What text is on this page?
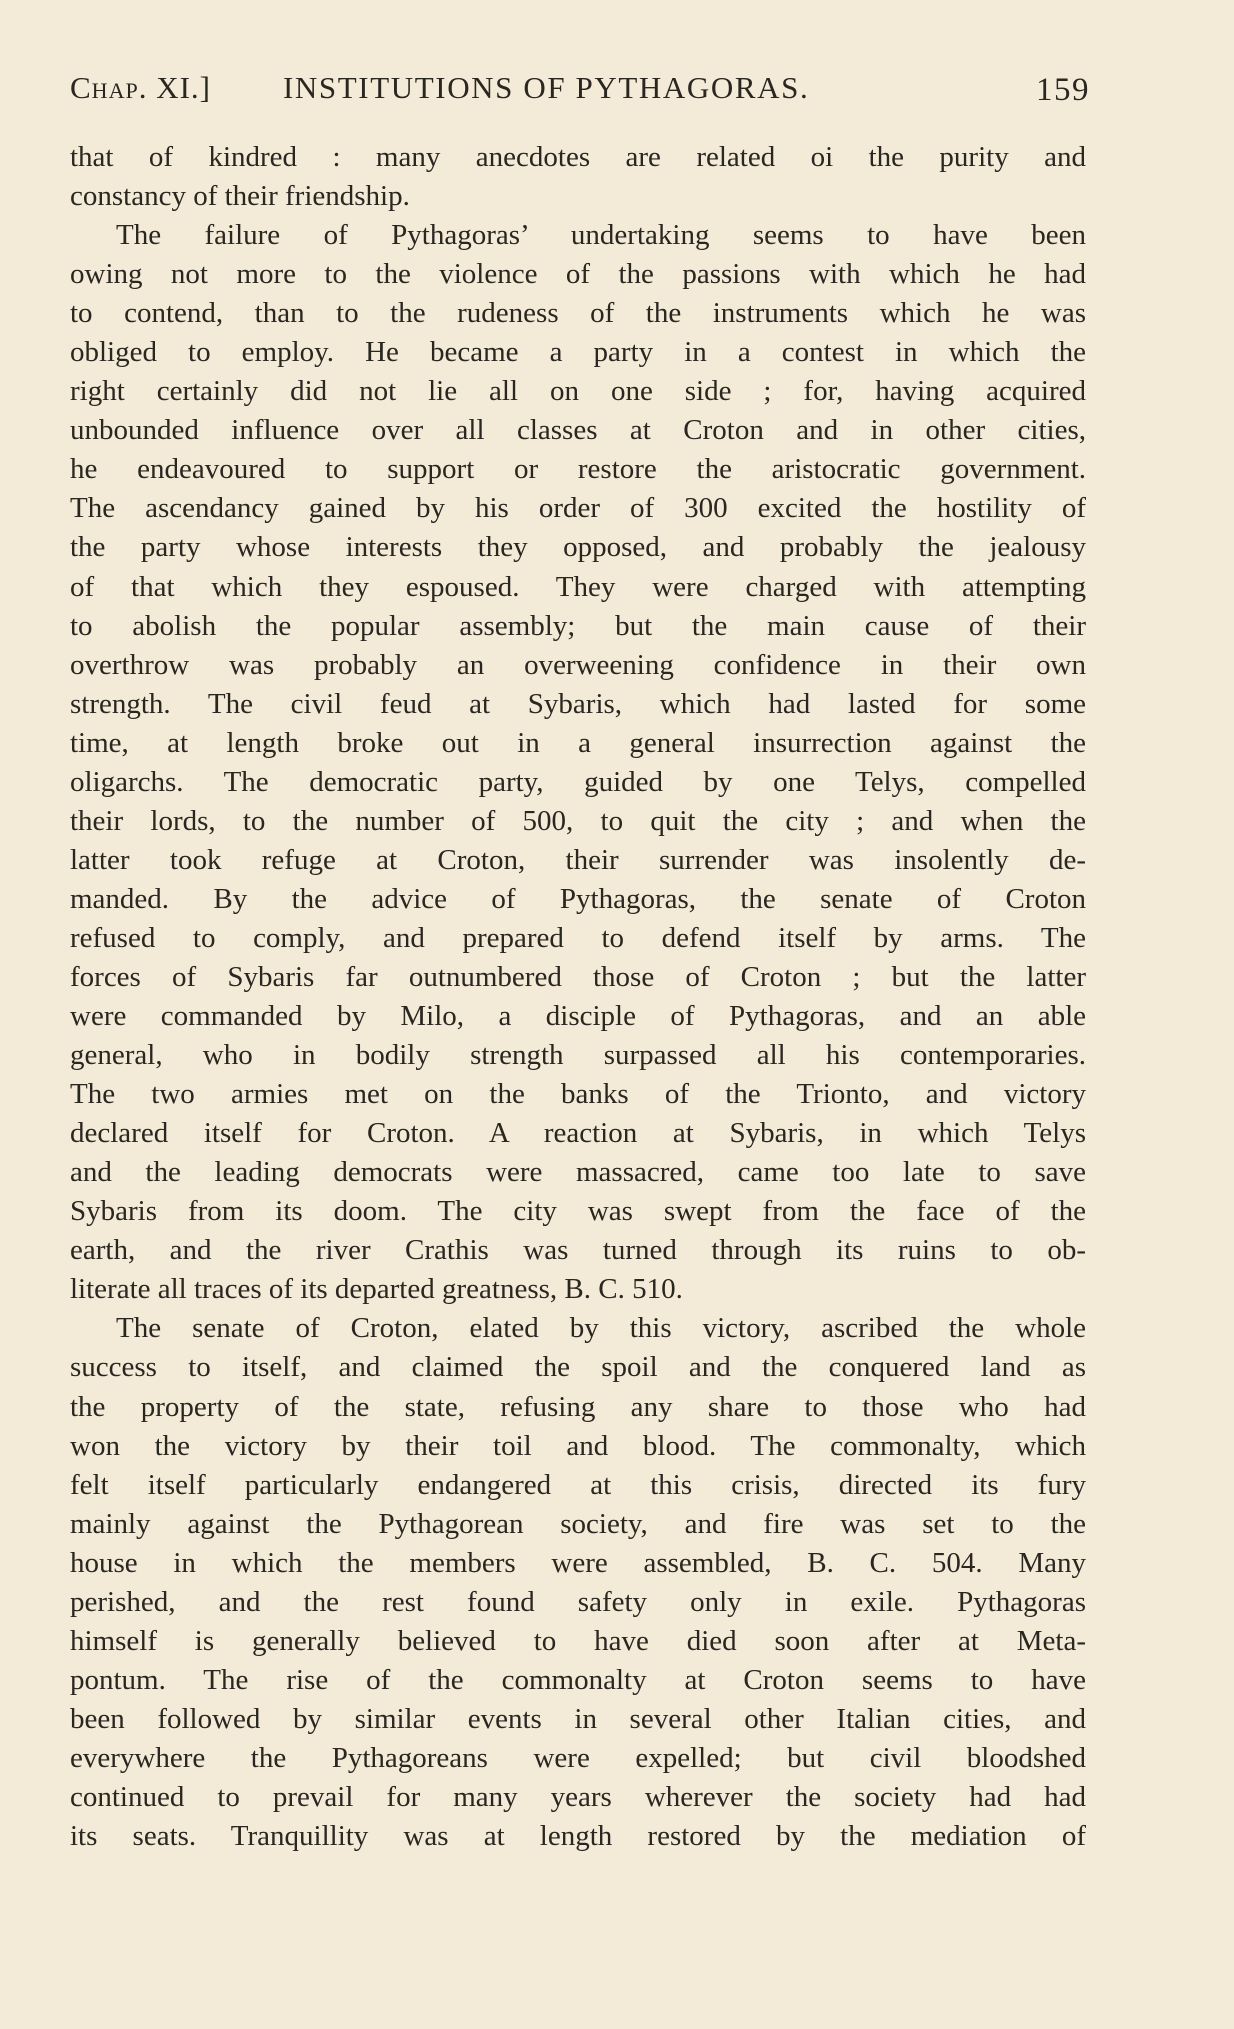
Chap. XI.] INSTITUTIONS OF PYTHAGORAS.	159
that of kindred : many anecdotes are related oi the purity and
constancy of their friendship.
The failure of Pythagoras’ undertaking seems to have been
owing not more to the violence of the passions with which he had
to contend, than to the rudeness of the instruments which he was
obliged to employ. He became a party in a contest in which the
right certainly did not lie all on one side ; for, having acquired
unbounded influence over all classes at Croton and in other cities,
he endeavoured to support or restore the aristocratic government.
The ascendancy gained by his order of 300 excited the hostility of
the party whose interests they opposed, and probably the jealousy
of that which they espoused. They were charged with attempting
to abolish the popular assembly; but the main cause of their
overthrow was probably an overweening confidence in their own
strength. The civil feud at Sybaris, which had lasted for some
time, at length broke out in a general insurrection against the
oligarchs. The democratic party, guided by one Telys, compelled
their lords, to the number of 500, to quit the city ; and when the
latter took refuge at Croton, their surrender was insolently de-
manded. By the advice of Pythagoras, the senate of Croton
refused to comply, and prepared to defend itself by arms. The
forces of Sybaris far outnumbered those of Croton ; but the latter
were commanded by Milo, a disciple of Pythagoras, and an able
general, who in bodily strength surpassed all his contemporaries.
The two armies met on the banks of the Trionto, and victory
declared itself for Croton. A reaction at Sybaris, in which Telys
and the leading democrats were massacred, came too late to save
Sybaris from its doom. The city was swept from the face of the
earth, and the river Crathis was turned through its ruins to ob-
literate all traces of its departed greatness, B. C. 510.
The senate of Croton, elated by this victory, ascribed the whole
success to itself, and claimed the spoil and the conquered land as
the property of the state, refusing any share to those who had
won the victory by their toil and blood. The commonalty, which
felt itself particularly endangered at this crisis, directed its fury
mainly against the Pythagorean society, and fire was set to the
house in which the members were assembled, B. C. 504. Many
perished, and the rest found safety only in exile. Pythagoras
himself is generally believed to have died soon after at Meta-
pontum. The rise of the commonalty at Croton seems to have
been followed by similar events in several other Italian cities, and
everywhere the Pythagoreans were expelled; but civil bloodshed
continued to prevail for many years wherever the society had had
its seats. Tranquillity was at length restored by the mediation of
